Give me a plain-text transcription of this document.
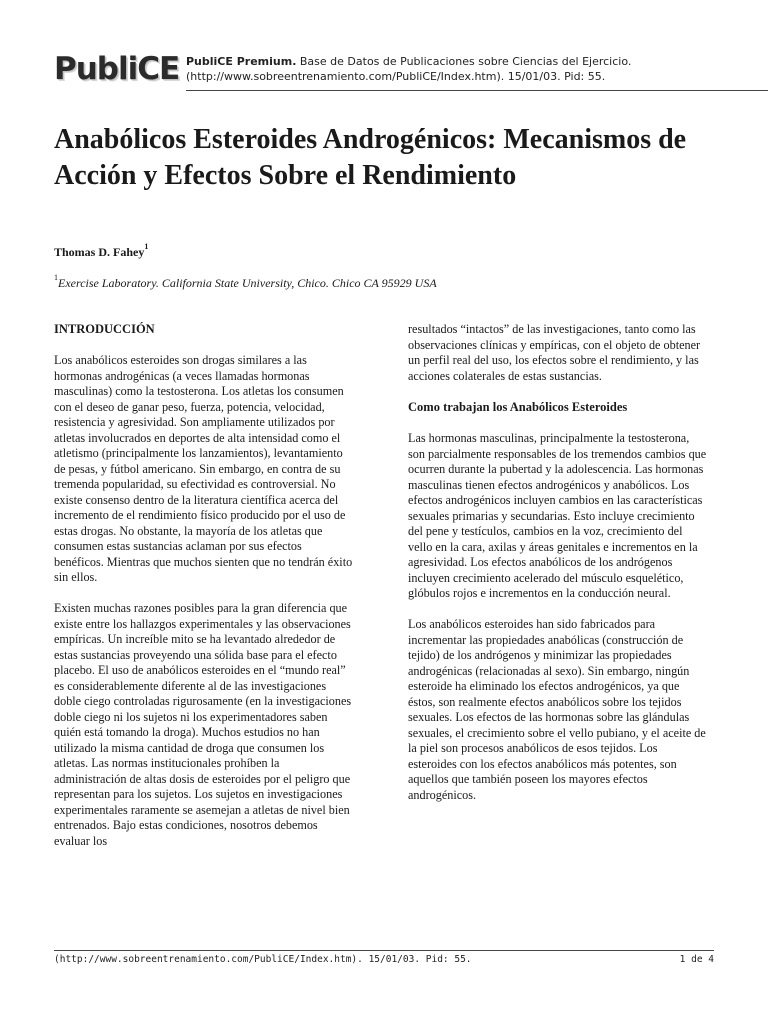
PubliCE PubliCE Premium. Base de Datos de Publicaciones sobre Ciencias del Ejercicio.
(http://www.sobreentrenamiento.com/PubliCE/Index.htm). 15/01/03. Pid: 55.
Anabólicos Esteroides Androgénicos: Mecanismos de Acción y Efectos Sobre el Rendimiento

Thomas D. Fahey$^1$

$^1$Exercise Laboratory. California State University, Chico. Chico CA 95929 USA

INTRODUCCIÓN

Los anabólicos esteroides son drogas similares a las hormonas androgénicas (a veces llamadas hormonas masculinas) como la testosterona. Los atletas los consumen con el deseo de ganar peso, fuerza, potencia, velocidad, resistencia y agresividad. Son ampliamente utilizados por atletas involucrados en deportes de alta intensidad como el atletismo (principalmente los lanzamientos), levantamiento de pesas, y fútbol americano. Sin embargo, en contra de su tremenda popularidad, su efectividad es controversial. No existe consenso dentro de la literatura científica acerca del incremento de el rendimiento físico producido por el uso de estas drogas. No obstante, la mayoría de los atletas que consumen estas sustancias aclaman por sus efectos benéficos. Mientras que muchos sienten que no tendrán éxito sin ellos.

Existen muchas razones posibles para la gran diferencia que existe entre los hallazgos experimentales y las observaciones empíricas. Un increíble mito se ha levantado alrededor de estas sustancias proveyendo una sólida base para el efecto placebo. El uso de anabólicos esteroides en el “mundo real” es considerablemente diferente al de las investigaciones doble ciego controladas rigurosamente (en la investigaciones doble ciego ni los sujetos ni los experimentadores saben quién está tomando la droga). Muchos estudios no han utilizado la misma cantidad de droga que consumen los atletas. Las normas institucionales prohíben la administración de altas dosis de esteroides por el peligro que representan para los sujetos. Los sujetos en investigaciones experimentales raramente se asemejan a atletas de nivel bien entrenados. Bajo estas condiciones, nosotros debemos evaluar los

resultados “intactos” de las investigaciones, tanto como las observaciones clínicas y empíricas, con el objeto de obtener un perfil real del uso, los efectos sobre el rendimiento, y las acciones colaterales de estas sustancias.

Como trabajan los Anabólicos Esteroides

Las hormonas masculinas, principalmente la testosterona, son parcialmente responsables de los tremendos cambios que ocurren durante la pubertad y la adolescencia. Las hormonas masculinas tienen efectos androgénicos y anabólicos. Los efectos androgénicos incluyen cambios en las características sexuales primarias y secundarias. Esto incluye crecimiento del pene y testículos, cambios en la voz, crecimiento del vello en la cara, axilas y áreas genitales e incrementos en la agresividad. Los efectos anabólicos de los andrógenos incluyen crecimiento acelerado del músculo esquelético, glóbulos rojos e incrementos en la conducción neural.

Los anabólicos esteroides han sido fabricados para incrementar las propiedades anabólicas (construcción de tejido) de los andrógenos y minimizar las propiedades androgénicas (relacionadas al sexo). Sin embargo, ningún esteroide ha eliminado los efectos androgénicos, ya que éstos, son realmente efectos anabólicos sobre los tejidos sexuales. Los efectos de las hormonas sobre las glándulas sexuales, el crecimiento sobre el vello pubiano, y el aceite de la piel son procesos anabólicos de esos tejidos. Los esteroides con los efectos anabólicos más potentes, son aquellos que también poseen los mayores efectos androgénicos.

(http://www.sobreentrenamiento.com/PubliCE/Index.htm). 15/01/03. Pid: 55.	1 de 4
